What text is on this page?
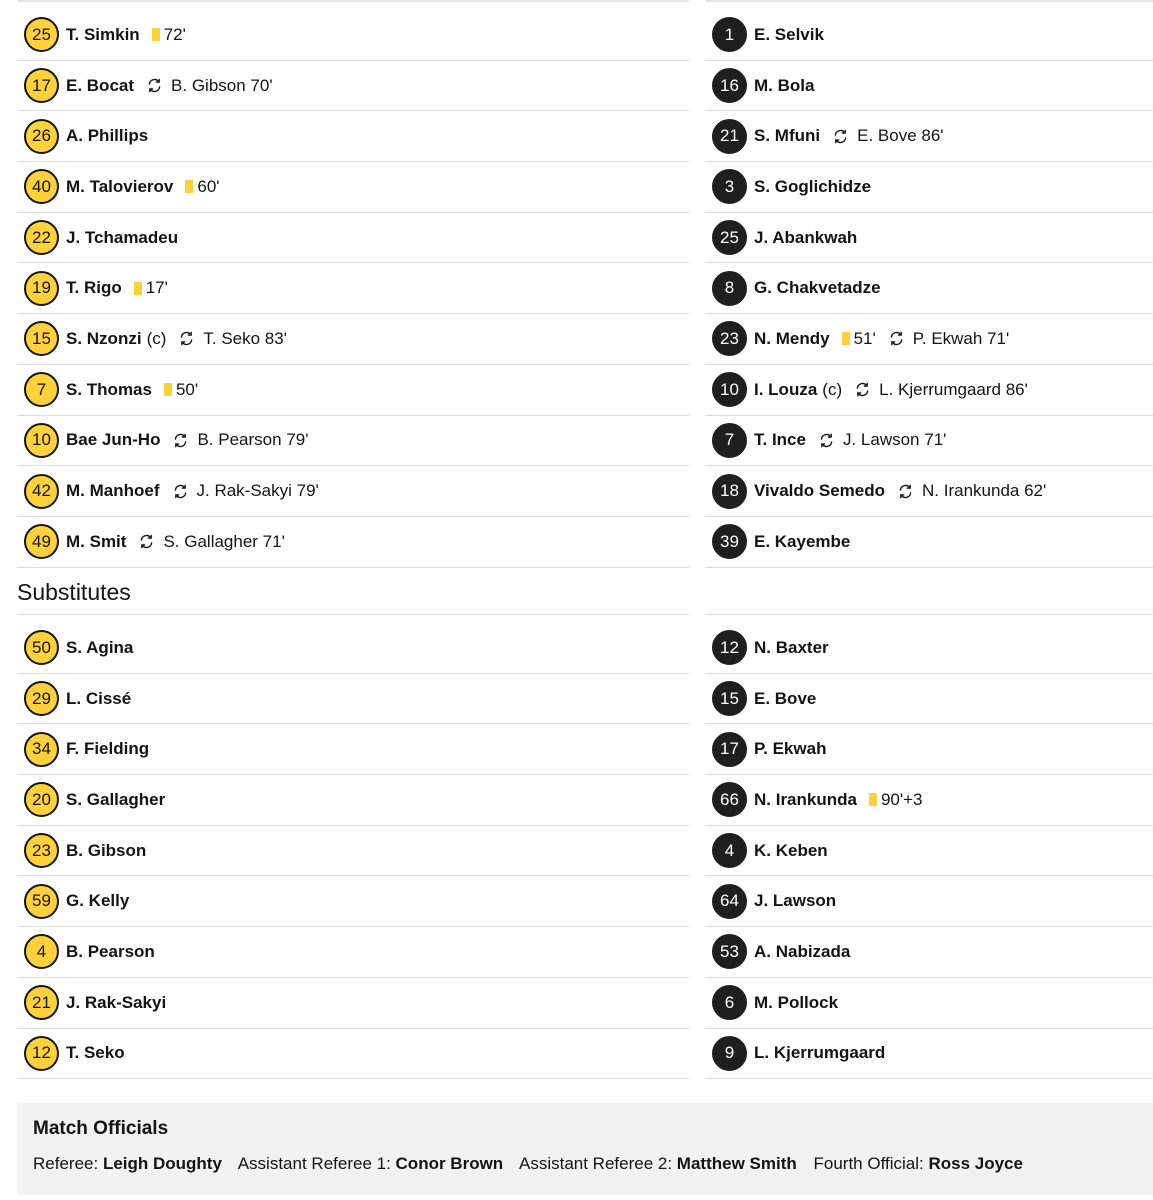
25 T. Simkin 72'
17 E. Bocat B. Gibson 70'
26 A. Phillips
40 M. Talovierov 60'
22 J. Tchamadeu
19 T. Rigo 17'
15 S. Nzonzi (c) T. Seko 83'
7	S. Thomas 50'
10 Bae Jun-Ho B. Pearson 79'
42 M. Manhoef J. Rak-Sakyi 79'
49 M. Smit S. Gallagher 71'
1	E. Selvik
16 M. Bola
21 S. Mfuni E. Bove 86'
3	S. Goglichidze
25 J. Abankwah
8	G. Chakvetadze
23 N. Mendy 51' P. Ekwah 71'
10 I. Louza (c) L. Kjerrumgaard 86'
7	T. Ince J. Lawson 71'
18 Vivaldo Semedo N. Irankunda 62'
39 E. Kayembe
Substitutes
50 S. Agina
29 L. Cissé
34 F. Fielding
20 S. Gallagher
23 B. Gibson
59 G. Kelly
4	B. Pearson
21 J. Rak-Sakyi
12 T. Seko
12 N. Baxter
15 E. Bove
17 P. Ekwah
66 N. Irankunda 90'+3
4	K. Keben
64 J. Lawson
53 A. Nabizada
6	M. Pollock
9	L. Kjerrumgaard
Match Officials
Referee: Leigh Doughty Assistant Referee 1: Conor Brown Assistant Referee 2: Matthew Smith Fourth Official: Ross Joyce
